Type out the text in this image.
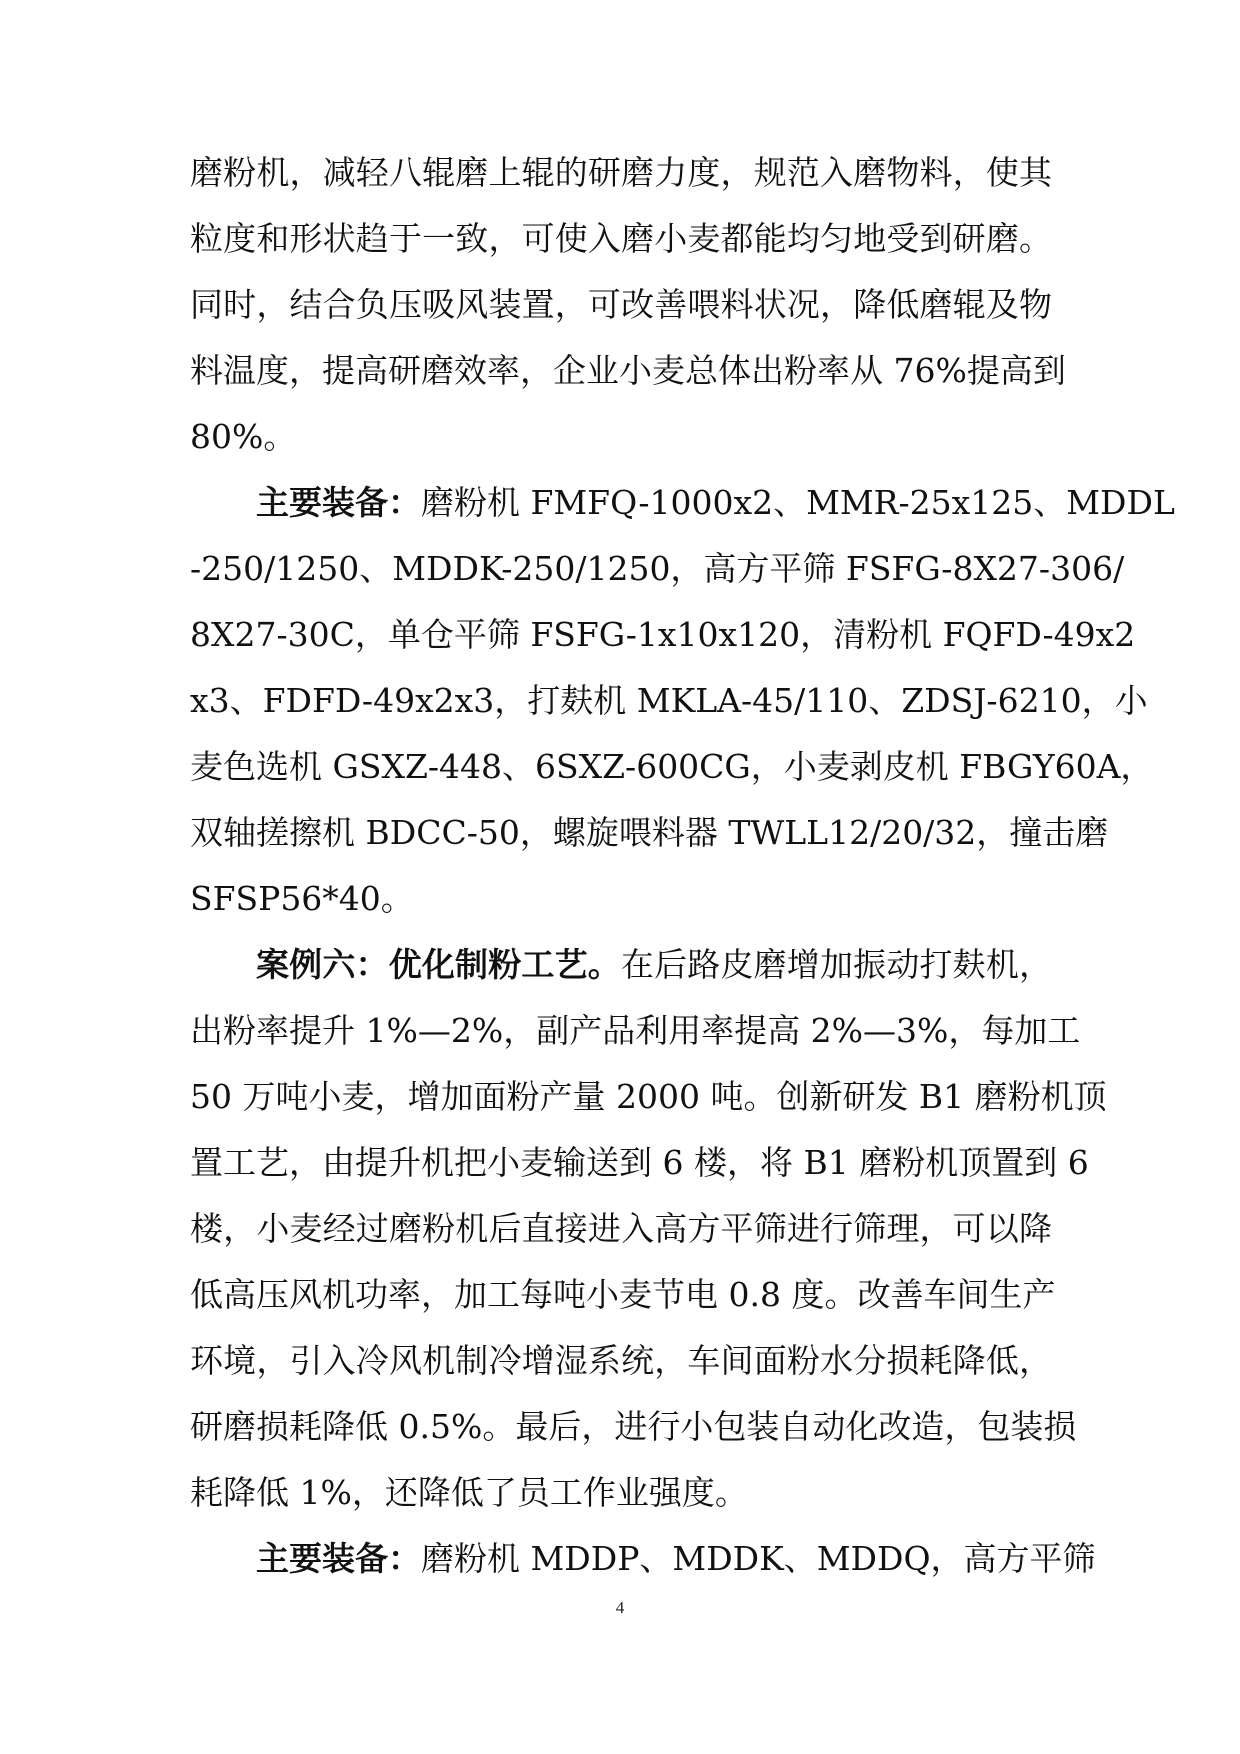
磨粉机，减轻八辊磨上辊的研磨力度，规范入磨物料，使其
粒度和形状趋于一致，可使入磨小麦都能均匀地受到研磨。
同时，结合负压吸风装置，可改善喂料状况，降低磨辊及物
料温度，提高研磨效率，企业小麦总体出粉率从 76%提高到
80%。
主要装备：磨粉机 FMFQ-1000x2、MMR-25x125、MDDL
-250/1250、MDDK-250/1250，高方平筛 FSFG-8X27-306/
8X27-30C，单仓平筛 FSFG-1x10x120，清粉机 FQFD-49x2
x3、FDFD-49x2x3，打麸机 MKLA-45/110、ZDSJ-6210，小
麦色选机 GSXZ-448、6SXZ-600CG，小麦剥皮机 FBGY60A，
双轴搓擦机 BDCC-50，螺旋喂料器 TWLL12/20/32，撞击磨
SFSP56*40。
案例六：优化制粉工艺。在后路皮磨增加振动打麸机，
出粉率提升 1%—2%，副产品利用率提高 2%—3%，每加工
50 万吨小麦，增加面粉产量 2000 吨。创新研发 B1 磨粉机顶
置工艺，由提升机把小麦输送到 6 楼，将 B1 磨粉机顶置到 6
楼，小麦经过磨粉机后直接进入高方平筛进行筛理，可以降
低高压风机功率，加工每吨小麦节电 0.8 度。改善车间生产
环境，引入冷风机制冷增湿系统，车间面粉水分损耗降低，
研磨损耗降低 0.5%。最后，进行小包装自动化改造，包装损
耗降低 1%，还降低了员工作业强度。
主要装备：磨粉机 MDDP、MDDK、MDDQ，高方平筛
4
